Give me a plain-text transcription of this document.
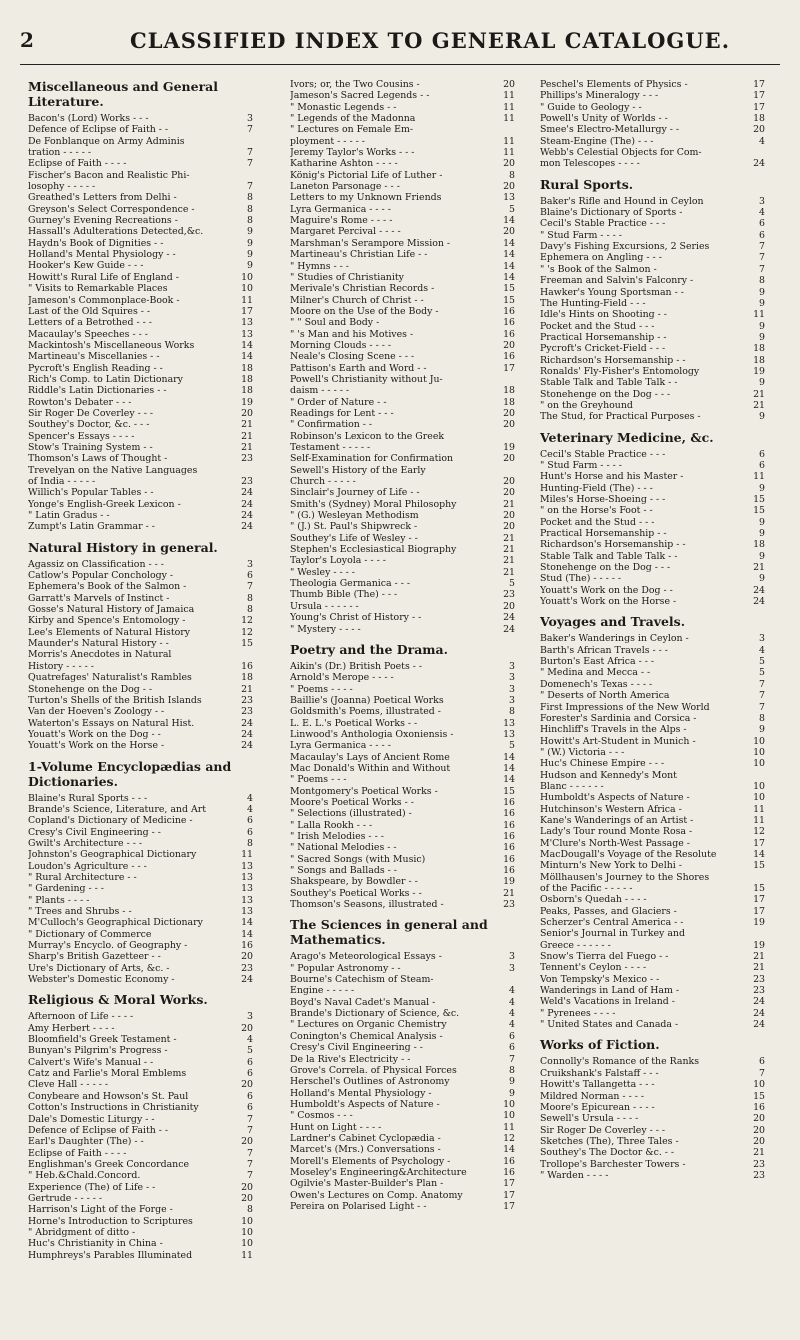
2	CLASSIFIED INDEX TO GENERAL CATALOGUE.
Miscellaneous and General Literature.
Bacon's (Lord) Works - - -	3
Defence of Eclipse of Faith - -	7
De Fonblanque on Army Adminis
tration - - - - -	7
Eclipse of Faith - - - -	7
Fischer's Bacon and Realistic Phi-
losophy - - - - -	7
Greathed's Letters from Delhi -	8
Greyson's Select Correspondence -	8
Gurney's Evening Recreations -	8
Hassall's Adulterations Detected,&c.	9
Haydn's Book of Dignities - -	9
Holland's Mental Physiology - -	9
Hooker's Kew Guide - - -	9
Howitt's Rural Life of England -	10
" Visits to Remarkable Places	10
Jameson's Commonplace-Book -	11
Last of the Old Squires - -	17
Letters of a Betrothed - - -	13
Macaulay's Speeches - - -	13
Mackintosh's Miscellaneous Works	14
Martineau's Miscellanies - -	14
Pycroft's English Reading - -	18
Rich's Comp. to Latin Dictionary	18
Riddle's Latin Dictionaries - -	18
Rowton's Debater - - -	19
Sir Roger De Coverley - - -	20
Southey's Doctor, &c. - - -	21
Spencer's Essays - - - -	21
Stow's Training System - -	21
Thomson's Laws of Thought -	23
Trevelyan on the Native Languages
of India - - - - -	23
Willich's Popular Tables - -	24
Yonge's English-Greek Lexicon -	24
" Latin Gradus - -	24
Zumpt's Latin Grammar - -	24
Natural History in general.
Agassiz on Classification - - -	3
Catlow's Popular Conchology -	6
Ephemera's Book of the Salmon -	7
Garratt's Marvels of Instinct -	8
Gosse's Natural History of Jamaica	8
Kirby and Spence's Entomology -	12
Lee's Elements of Natural History	12
Maunder's Natural History - -	15
Morris's Anecdotes in Natural
History - - - - -	16
Quatrefages' Naturalist's Rambles	18
Stonehenge on the Dog - -	21
Turton's Shells of the British Islands	23
Van der Hoeven's Zoology - -	23
Waterton's Essays on Natural Hist.	24
Youatt's Work on the Dog - -	24
Youatt's Work on the Horse -	24
1-Volume Encyclopædias and Dictionaries.
Blaine's Rural Sports - - -	4
Brande's Science, Literature, and Art	4
Copland's Dictionary of Medicine -	6
Cresy's Civil Engineering - -	6
Gwilt's Architecture - - -	8
Johnston's Geographical Dictionary	11
Loudon's Agriculture - - -	13
" Rural Architecture - -	13
" Gardening - - -	13
" Plants - - - -	13
" Trees and Shrubs - -	13
M'Culloch's Geographical Dictionary	14
" Dictionary of Commerce	14
Murray's Encyclo. of Geography -	16
Sharp's British Gazetteer - -	20
Ure's Dictionary of Arts, &c. -	23
Webster's Domestic Economy -	24
Religious & Moral Works.
Afternoon of Life - - - -	3
Amy Herbert - - - -	20
Bloomfield's Greek Testament -	4
Bunyan's Pilgrim's Progress -	5
Calvert's Wife's Manual - -	6
Catz and Farlie's Moral Emblems	6
Cleve Hall - - - - -	20
Conybeare and Howson's St. Paul	6
Cotton's Instructions in Christianity	6
Dale's Domestic Liturgy - -	7
Defence of Eclipse of Faith - -	7
Earl's Daughter (The) - -	20
Eclipse of Faith - - - -	7
Englishman's Greek Concordance	7
" Heb.&Chald.Concord.	7
Experience (The) of Life - -	20
Gertrude - - - - -	20
Harrison's Light of the Forge -	8
Horne's Introduction to Scriptures	10
" Abridgment of ditto -	10
Huc's Christianity in China -	10
Humphreys's Parables Illuminated	11
Ivors; or, the Two Cousins -	20
Jameson's Sacred Legends - -	11
" Monastic Legends - -	11
" Legends of the Madonna	11
" Lectures on Female Em-
ployment - - - - -	11
Jeremy Taylor's Works - - -	11
Katharine Ashton - - - -	20
König's Pictorial Life of Luther -	8
Laneton Parsonage - - -	20
Letters to my Unknown Friends	13
Lyra Germanica - - - -	5
Maguire's Rome - - - -	14
Margaret Percival - - - -	20
Marshman's Serampore Mission -	14
Martineau's Christian Life - -	14
" Hymns - - -	14
" Studies of Christianity	14
Merivale's Christian Records -	15
Milner's Church of Christ - -	15
Moore on the Use of the Body -	16
" " Soul and Body -	16
" 's Man and his Motives -	16
Morning Clouds - - - -	20
Neale's Closing Scene - - -	16
Pattison's Earth and Word - -	17
Powell's Christianity without Ju-
daism - - - - -	18
" Order of Nature - -	18
Readings for Lent - - -	20
" Confirmation - -	20
Robinson's Lexicon to the Greek
Testament - - - - -	19
Self-Examination for Confirmation	20
Sewell's History of the Early
Church - - - - -	20
Sinclair's Journey of Life - -	20
Smith's (Sydney) Moral Philosophy	21
" (G.) Wesleyan Methodism	20
" (J.) St. Paul's Shipwreck -	20
Southey's Life of Wesley - -	21
Stephen's Ecclesiastical Biography	21
Taylor's Loyola - - - -	21
" Wesley - - - -	21
Theologia Germanica - - -	5
Thumb Bible (The) - - -	23
Ursula - - - - - -	20
Young's Christ of History - -	24
" Mystery - - - -	24
Poetry and the Drama.
Aikin's (Dr.) British Poets - -	3
Arnold's Merope - - - -	3
" Poems - - - -	3
Baillie's (Joanna) Poetical Works	3
Goldsmith's Poems, illustrated -	8
L. E. L.'s Poetical Works - -	13
Linwood's Anthologia Oxoniensis -	13
Lyra Germanica - - - -	5
Macaulay's Lays of Ancient Rome	14
Mac Donald's Within and Without	14
" Poems - - -	14
Montgomery's Poetical Works -	15
Moore's Poetical Works - -	16
" Selections (illustrated) -	16
" Lalla Rookh - - -	16
" Irish Melodies - - -	16
" National Melodies - -	16
" Sacred Songs (with Music)	16
" Songs and Ballads - -	16
Shakspeare, by Bowdler - -	19
Southey's Poetical Works - -	21
Thomson's Seasons, illustrated -	23
The Sciences in general and Mathematics.
Arago's Meteorological Essays -	3
" Popular Astronomy - -	3
Bourne's Catechism of Steam-
Engine - - - - -	4
Boyd's Naval Cadet's Manual -	4
Brande's Dictionary of Science, &c.	4
" Lectures on Organic Chemistry	4
Conington's Chemical Analysis -	6
Cresy's Civil Engineering - -	6
De la Rive's Electricity - -	7
Grove's Correla. of Physical Forces	8
Herschel's Outlines of Astronomy	9
Holland's Mental Physiology -	9
Humboldt's Aspects of Nature -	10
" Cosmos - - -	10
Hunt on Light - - - -	11
Lardner's Cabinet Cyclopædia -	12
Marcet's (Mrs.) Conversations -	14
Morell's Elements of Psychology -	16
Moseley's Engineering&Architecture	16
Ogilvie's Master-Builder's Plan -	17
Owen's Lectures on Comp. Anatomy	17
Pereira on Polarised Light - -	17
Peschel's Elements of Physics -	17
Phillips's Mineralogy - - -	17
" Guide to Geology - -	17
Powell's Unity of Worlds - -	18
Smee's Electro-Metallurgy - -	20
Steam-Engine (The) - - -	4
Webb's Celestial Objects for Com-
mon Telescopes - - - -	24
Rural Sports.
Baker's Rifle and Hound in Ceylon	3
Blaine's Dictionary of Sports -	4
Cecil's Stable Practice - - -	6
" Stud Farm - - - -	6
Davy's Fishing Excursions, 2 Series	7
Ephemera on Angling - - -	7
" 's Book of the Salmon -	7
Freeman and Salvin's Falconry -	8
Hawker's Young Sportsman - -	9
The Hunting-Field - - -	9
Idle's Hints on Shooting - -	11
Pocket and the Stud - - -	9
Practical Horsemanship - -	9
Pycroft's Cricket-Field - - -	18
Richardson's Horsemanship - -	18
Ronalds' Fly-Fisher's Entomology	19
Stable Talk and Table Talk - -	9
Stonehenge on the Dog - - -	21
" on the Greyhound	21
The Stud, for Practical Purposes -	9
Veterinary Medicine, &c.
Cecil's Stable Practice - - -	6
" Stud Farm - - - -	6
Hunt's Horse and his Master -	11
Hunting-Field (The) - - -	9
Miles's Horse-Shoeing - - -	15
" on the Horse's Foot - -	15
Pocket and the Stud - - -	9
Practical Horsemanship - -	9
Richardson's Horsemanship - -	18
Stable Talk and Table Talk - -	9
Stonehenge on the Dog - - -	21
Stud (The) - - - - -	9
Youatt's Work on the Dog - -	24
Youatt's Work on the Horse -	24
Voyages and Travels.
Baker's Wanderings in Ceylon -	3
Barth's African Travels - - -	4
Burton's East Africa - - -	5
" Medina and Mecca - -	5
Domenech's Texas - - - -	7
" Deserts of North America	7
First Impressions of the New World	7
Forester's Sardinia and Corsica -	8
Hinchliff's Travels in the Alps -	9
Howitt's Art-Student in Munich -	10
" (W.) Victoria - - -	10
Huc's Chinese Empire - - -	10
Hudson and Kennedy's Mont
Blanc - - - - - -	10
Humboldt's Aspects of Nature -	10
Hutchinson's Western Africa -	11
Kane's Wanderings of an Artist -	11
Lady's Tour round Monte Rosa -	12
M'Clure's North-West Passage -	17
MacDougall's Voyage of the Resolute	14
Minturn's New York to Delhi -	15
Möllhausen's Journey to the Shores
of the Pacific - - - - -	15
Osborn's Quedah - - - -	17
Peaks, Passes, and Glaciers -	17
Scherzer's Central America - -	19
Senior's Journal in Turkey and
Greece - - - - - -	19
Snow's Tierra del Fuego - -	21
Tennent's Ceylon - - - -	21
Von Tempsky's Mexico - -	23
Wanderings in Land of Ham -	23
Weld's Vacations in Ireland -	24
" Pyrenees - - - -	24
" United States and Canada -	24
Works of Fiction.
Connolly's Romance of the Ranks	6
Cruikshank's Falstaff - - -	7
Howitt's Tallangetta - - -	10
Mildred Norman - - - -	15
Moore's Epicurean - - - -	16
Sewell's Ursula - - - -	20
Sir Roger De Coverley - - -	20
Sketches (The), Three Tales -	20
Southey's The Doctor &c. - -	21
Trollope's Barchester Towers -	23
" Warden - - - -	23
